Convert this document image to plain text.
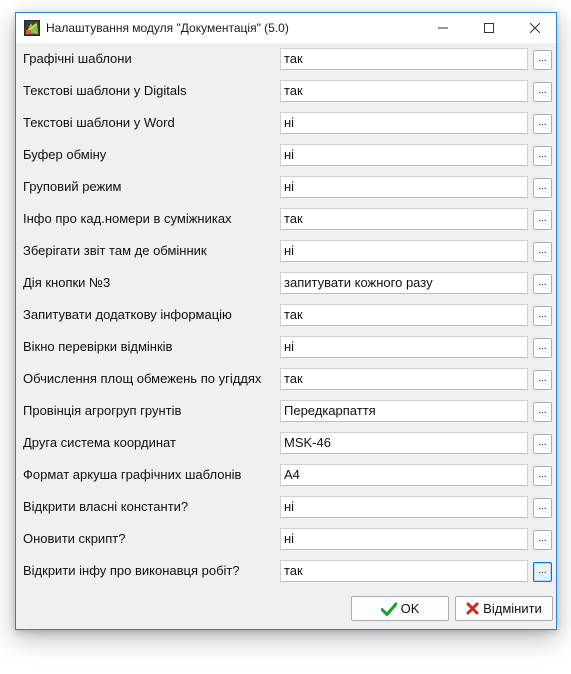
Налаштування модуля "Документація" (5.0)
Графічні шаблони	так	...
Текстові шаблони у Digitals	так	...
Текстові шаблони у Word	ні	...
Буфер обміну	ні	...
Груповий режим	ні	...
Інфо про кад.номери в суміжниках	так	...
Зберігати звіт там де обмінник	ні	...
Дія кнопки №3	запитувати кожного разу	...
Запитувати додаткову інформацію	так	...
Вікно перевірки відмінків	ні	...
Обчислення площ обмежень по угіддях	так	...
Провінція агрогруп грунтів	Передкарпаття	...
Друга система координат	MSK-46	...
Формат аркуша графічних шаблонів	A4	...
Відкрити власні константи?	ні	...
Оновити скрипт?	ні	...
Відкрити інфу про виконавця робіт?	так	...
OK	Відмінити
